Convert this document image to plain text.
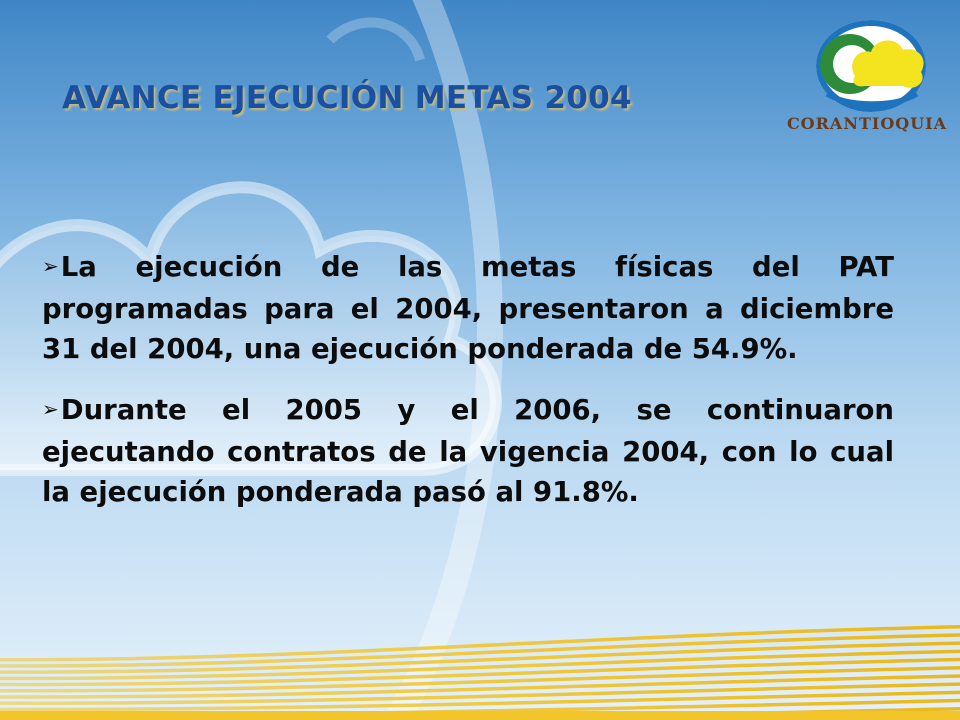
AVANCE EJECUCIÓN METAS 2004
CORANTIOQUIA

➢La ejecución de las metas físicas del PAT programadas para el 2004, presentaron a diciembre 31 del 2004, una ejecución ponderada de 54.9%.

➢Durante el 2005 y el 2006, se continuaron ejecutando contratos de la vigencia 2004, con lo cual la ejecución ponderada pasó al 91.8%.
